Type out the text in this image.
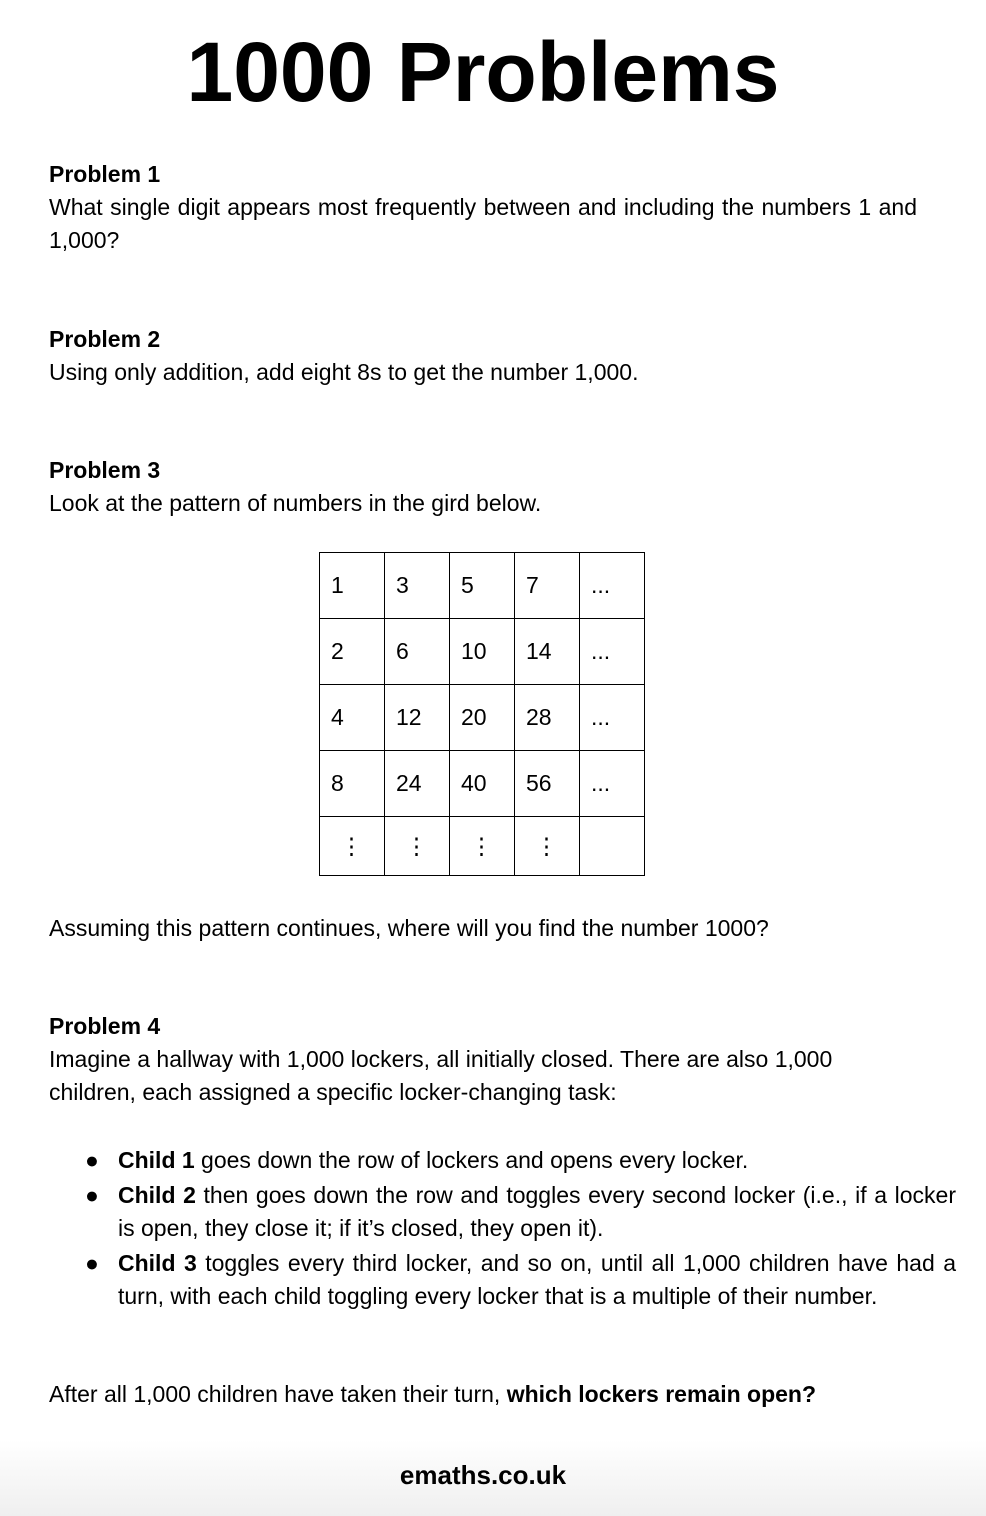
1000 Problems
Problem 1

What single digit appears most frequently between and including the numbers 1 and 1,000?

Problem 2

Using only addition, add eight 8s to get the number 1,000.

Problem 3

Look at the pattern of numbers in the gird below.

1	3	5	7	...
2	6	10	14	...
4	12	20	28	...
8	24	40	56	...
⋮	⋮	⋮	⋮	
Assuming this pattern continues, where will you find the number 1000?
Problem 4

Imagine a hallway with 1,000 lockers, all initially closed. There are also 1,000 children, each assigned a specific locker-changing task:

● Child 1 goes down the row of lockers and opens every locker.
● Child 2 then goes down the row and toggles every second locker (i.e., if a locker is open, they close it; if it’s closed, they open it).
● Child 3 toggles every third locker, and so on, until all 1,000 children have had a turn, with each child toggling every locker that is a multiple of their number.
After all 1,000 children have taken their turn, which lockers remain open?
emaths.co.uk
